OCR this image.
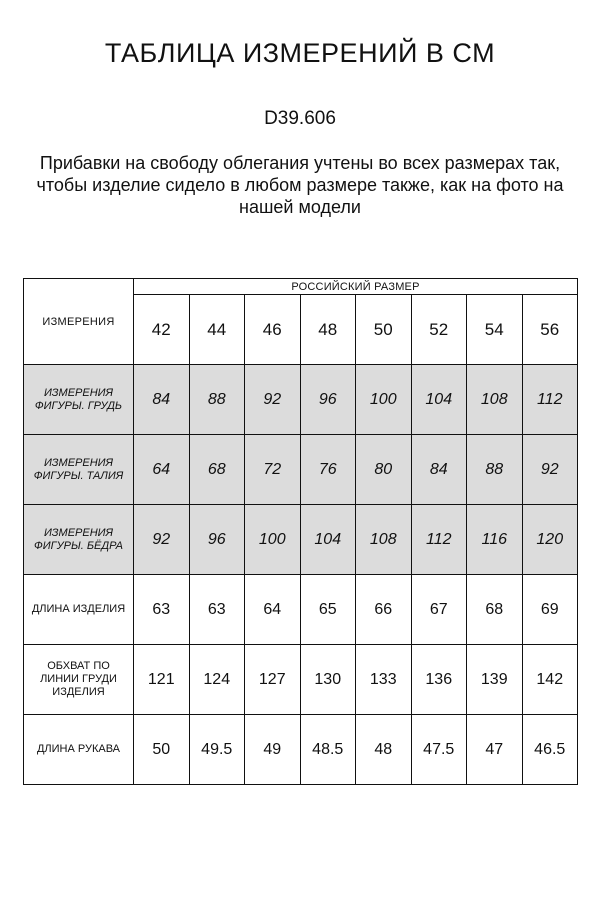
ТАБЛИЦА ИЗМЕРЕНИЙ В СМ
D39.606
Прибавки на свободу облегания учтены во всех размерах так, чтобы изделие сидело в любом размере также, как на фото на нашей модели
ИЗМЕРЕНИЯ	РОССИЙСКИЙ РАЗМЕР							
	42	44	46	48	50	52	54	56
ИЗМЕРЕНИЯ
ФИГУРЫ. ГРУДЬ	84	88	92	96	100	104	108	112
ИЗМЕРЕНИЯ
ФИГУРЫ. ТАЛИЯ	64	68	72	76	80	84	88	92
ИЗМЕРЕНИЯ
ФИГУРЫ. БЁДРА	92	96	100	104	108	112	116	120
ДЛИНА ИЗДЕЛИЯ	63	63	64	65	66	67	68	69
ОБХВАТ ПО
ЛИНИИ ГРУДИ
ИЗДЕЛИЯ	121	124	127	130	133	136	139	142
ДЛИНА РУКАВА	50	49.5	49	48.5	48	47.5	47	46.5
